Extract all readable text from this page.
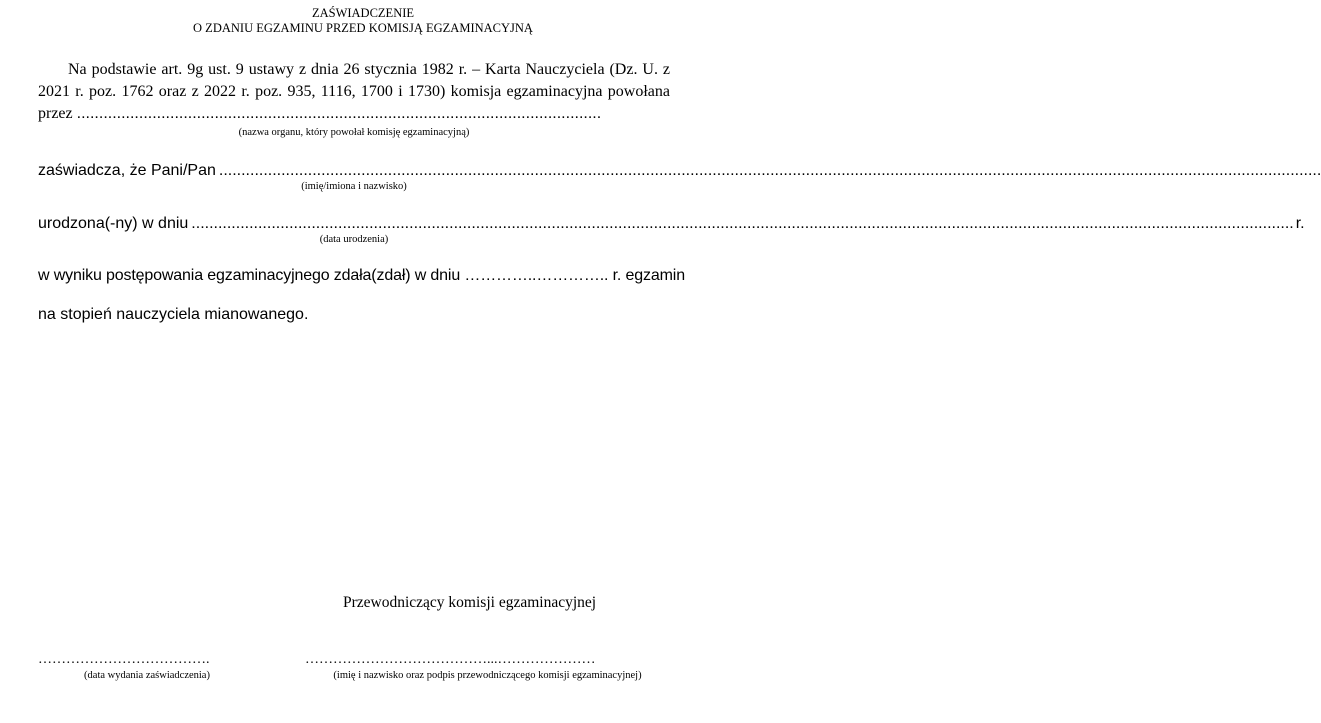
ZAŚWIADCZENIE
O ZDANIU EGZAMINU PRZED KOMISJĄ EGZAMINACYJNĄ
Na podstawie art. 9g ust. 9 ustawy z dnia 26 stycznia 1982 r. – Karta Nauczyciela (Dz. U. z 2021 r. poz. 1762 oraz z 2022 r. poz. 935, 1116, 1700 i 1730) komisja egzaminacyjna powołana przez ......................................................................................................................
(nazwa organu, który powołał komisję egzaminacyjną)
zaświadcza, że Pani/Pan ........................................................................................................................................................................................................................................................
(imię/imiona i nazwisko)
urodzona(-ny) w dniu ........................................................................................................................................................................................................................................................ r.
(data urodzenia)
w wyniku postępowania egzaminacyjnego zdała(zdał) w dniu …………..………….. r. egzamin
na stopień nauczyciela mianowanego.
Przewodniczący komisji egzaminacyjnej
……………………………….
(data wydania zaświadczenia)
…………………………………...…………………
(imię i nazwisko oraz podpis przewodniczącego komisji egzaminacyjnej)
